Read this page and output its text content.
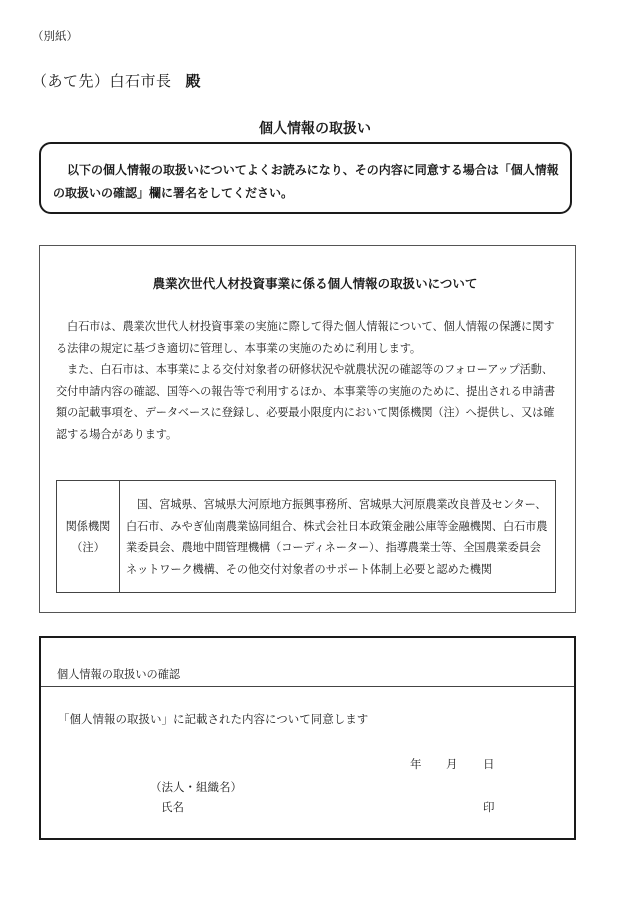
（別紙）
（あて先）白石市長 殿
個人情報の取扱い
以下の個人情報の取扱いについてよくお読みになり、その内容に同意する場合は「個人情報
の取扱いの確認」欄に署名をしてください。
農業次世代人材投資事業に係る個人情報の取扱いについて
白石市は、農業次世代人材投資事業の実施に際して得た個人情報について、個人情報の保護に関する法律の規定に基づき適切に管理し、本事業の実施のために利用します。
また、白石市は、本事業による交付対象者の研修状況や就農状況の確認等のフォローアップ活動、交付申請内容の確認、国等への報告等で利用するほか、本事業等の実施のために、提出される申請書類の記載事項を、データベースに登録し、必要最小限度内において関係機関（注）へ提供し、又は確認する場合があります。
関係機関
（注）
	国、宮城県、宮城県大河原地方振興事務所、宮城県大河原農業改良普及センター、白石市、みやぎ仙南農業協同組合、株式会社日本政策金融公庫等金融機関、白石市農業委員会、農地中間管理機構（コーディネーター）、指導農業士等、全国農業委員会ネットワーク機構、その他交付対象者のサポート体制上必要と認めた機関
個人情報の取扱いの確認
「個人情報の取扱い」に記載された内容について同意します
年 月 日
（法人・組織名）
氏名	印
